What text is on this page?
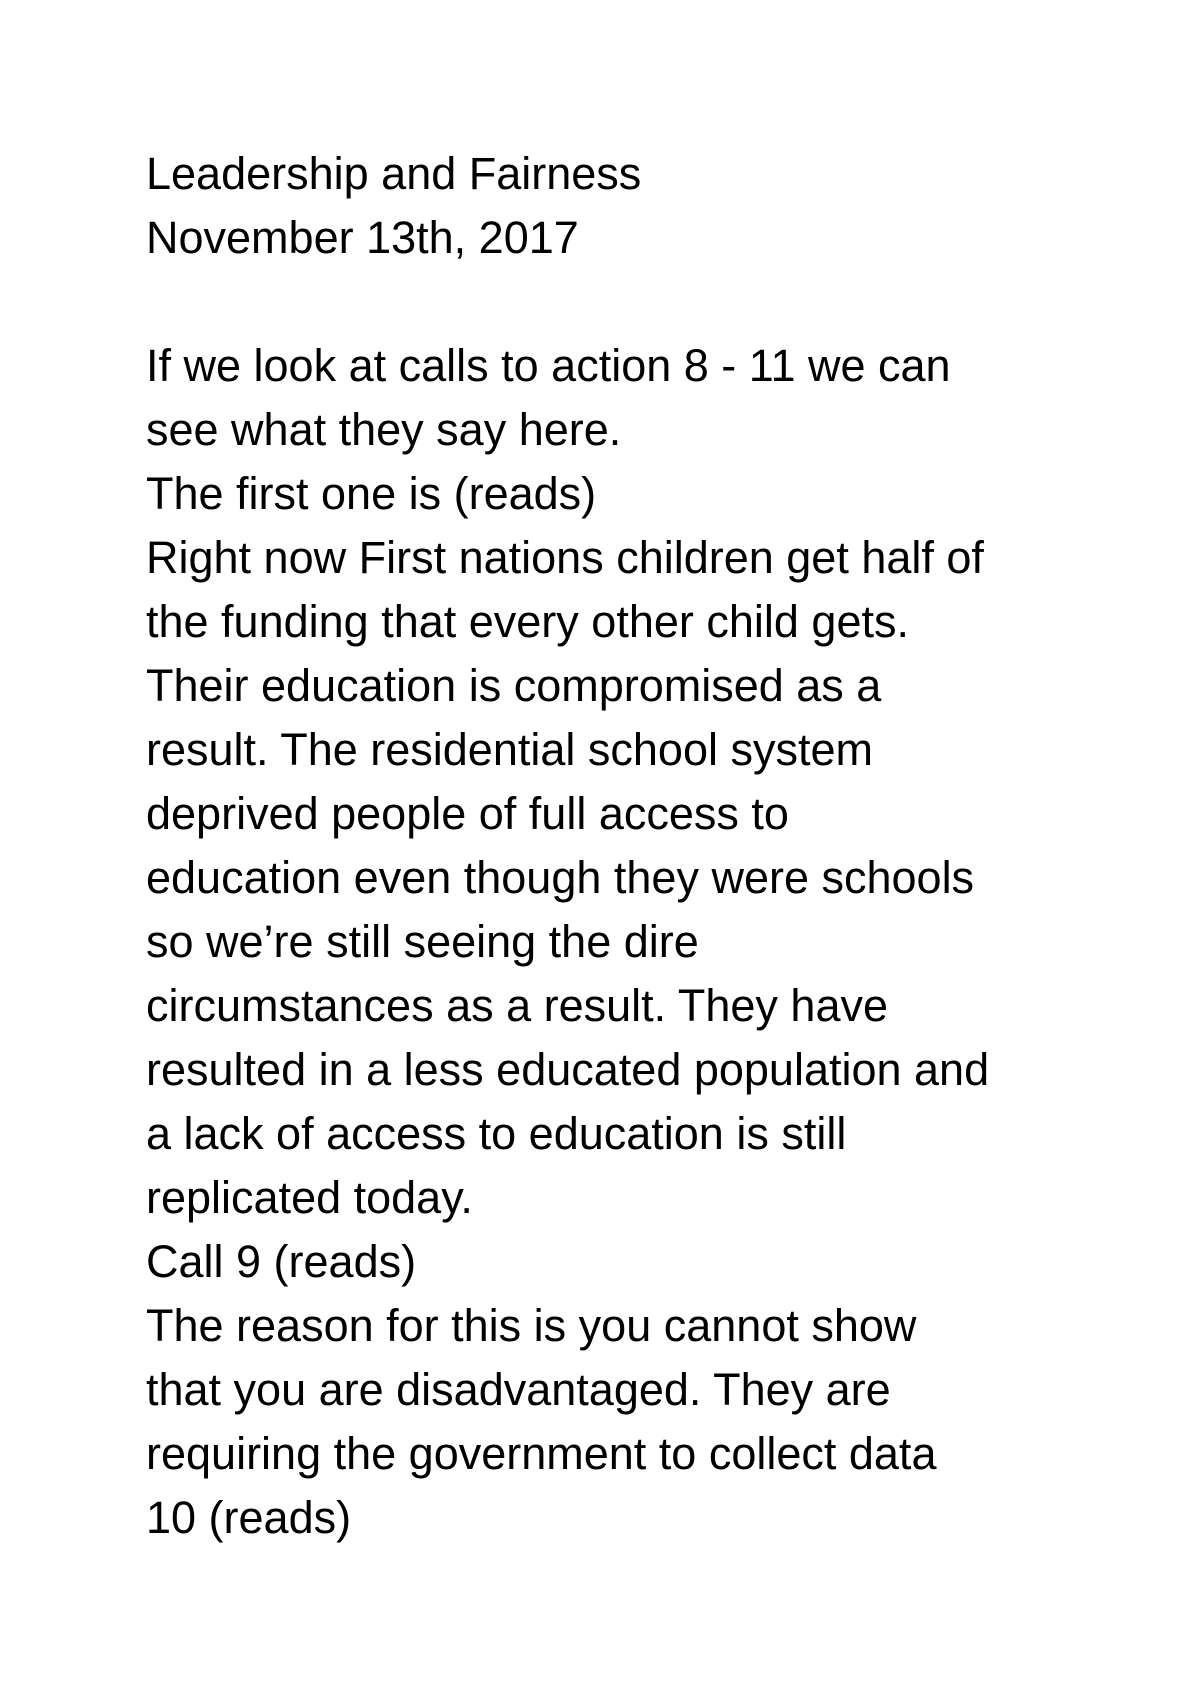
Leadership and Fairness
November 13th, 2017
If we look at calls to action 8 - 11 we can
see what they say here.
The first one is (reads)
Right now First nations children get half of
the funding that every other child gets.
Their education is compromised as a
result. The residential school system
deprived people of full access to
education even though they were schools
so we’re still seeing the dire
circumstances as a result. They have
resulted in a less educated population and
a lack of access to education is still
replicated today.
Call 9 (reads)
The reason for this is you cannot show
that you are disadvantaged. They are
requiring the government to collect data
10 (reads)
